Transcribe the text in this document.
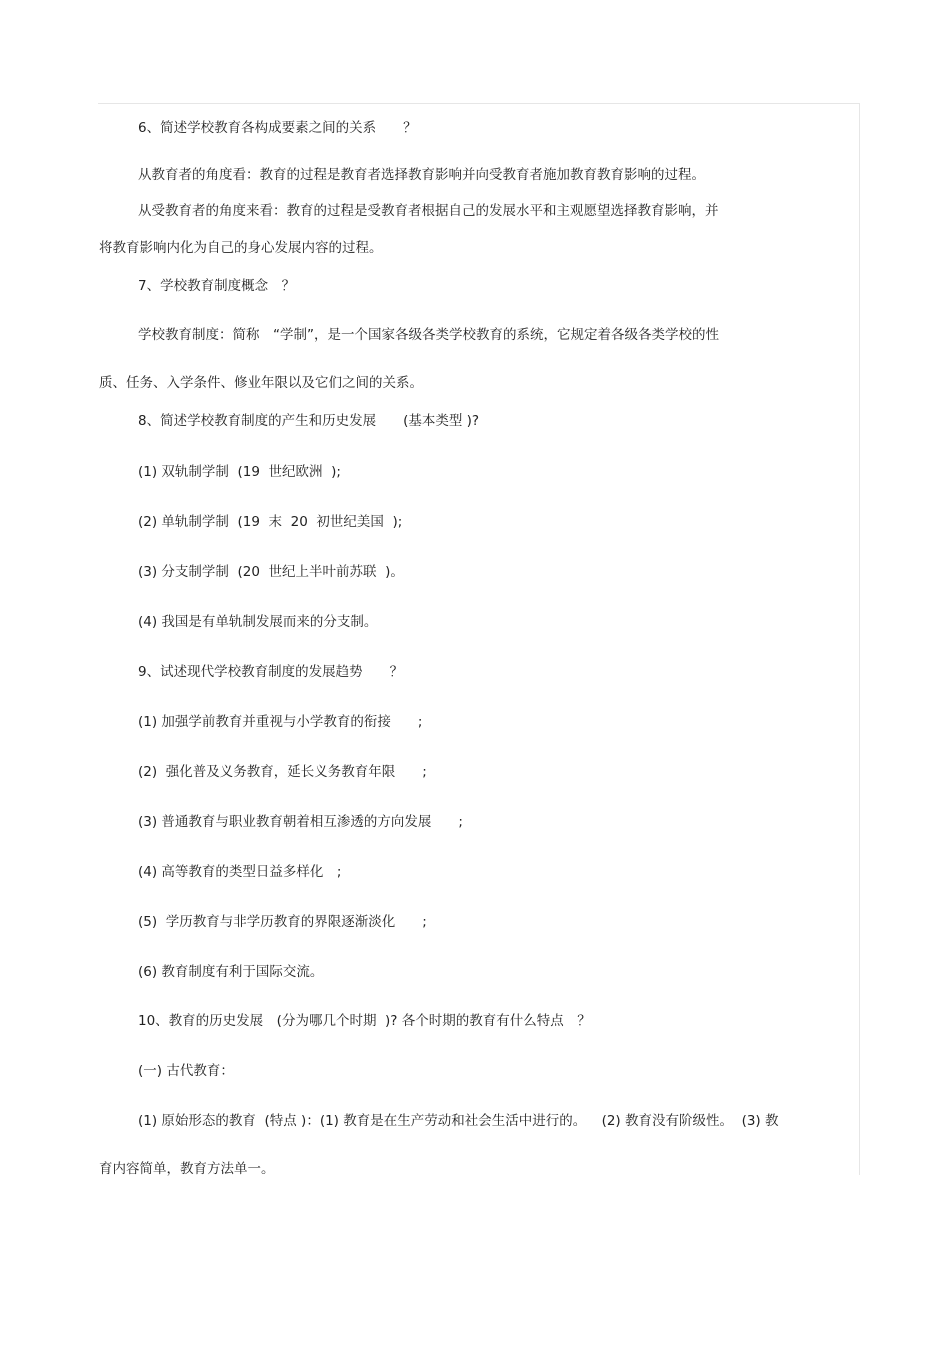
6、简述学校教育各构成要素之间的关系　　？
从教育者的角度看：教育的过程是教育者选择教育影响并向受教育者施加教育教育影响的过程。
从受教育者的角度来看：教育的过程是受教育者根据自己的发展水平和主观愿望选择教育影响，并
将教育影响内化为自己的身心发展内容的过程。
7、学校教育制度概念　？
学校教育制度：简称　“学制”，是一个国家各级各类学校教育的系统，它规定着各级各类学校的性
质、任务、入学条件、修业年限以及它们之间的关系。
8、简述学校教育制度的产生和历史发展　　(基本类型 )?
(1) 双轨制学制  (19  世纪欧洲  );
(2) 单轨制学制  (19  末  20  初世纪美国  );
(3) 分支制学制  (20  世纪上半叶前苏联  )。
(4) 我国是有单轨制发展而来的分支制。
9、试述现代学校教育制度的发展趋势　　？
(1) 加强学前教育并重视与小学教育的衔接　　;
(2)  强化普及义务教育，延长义务教育年限　　;
(3) 普通教育与职业教育朝着相互渗透的方向发展　　;
(4) 高等教育的类型日益多样化　;
(5)  学历教育与非学历教育的界限逐渐淡化　　;
(6) 教育制度有利于国际交流。
10、教育的历史发展　(分为哪几个时期  )? 各个时期的教育有什么特点　？
(一) 古代教育：
(1) 原始形态的教育  (特点 )：(1) 教育是在生产劳动和社会生活中进行的。　  (2) 教育没有阶级性。  (3) 教
育内容简单，教育方法单一。
